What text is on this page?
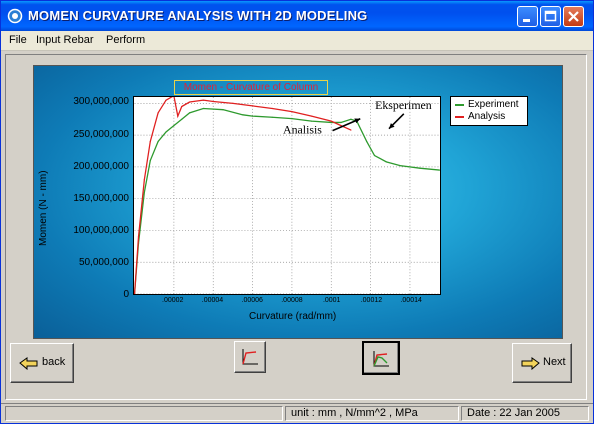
MOMEN CURVATURE ANALYSIS WITH 2D MODELING
File Input Rebar Perform
Momen - Curvature of Column
Momen (N - mm)
0
50,000,000
100,000,000
150,000,000
200,000,000
250,000,000
300,000,000
.00002	.00004	.00006	.00008	.0001	.00012	.00014
Analisis
Eksperimen
Curvature (rad/mm)
Experiment
Analysis
back	Next
unit : mm , N/mm^2 , MPa	Date : 22 Jan 2005
